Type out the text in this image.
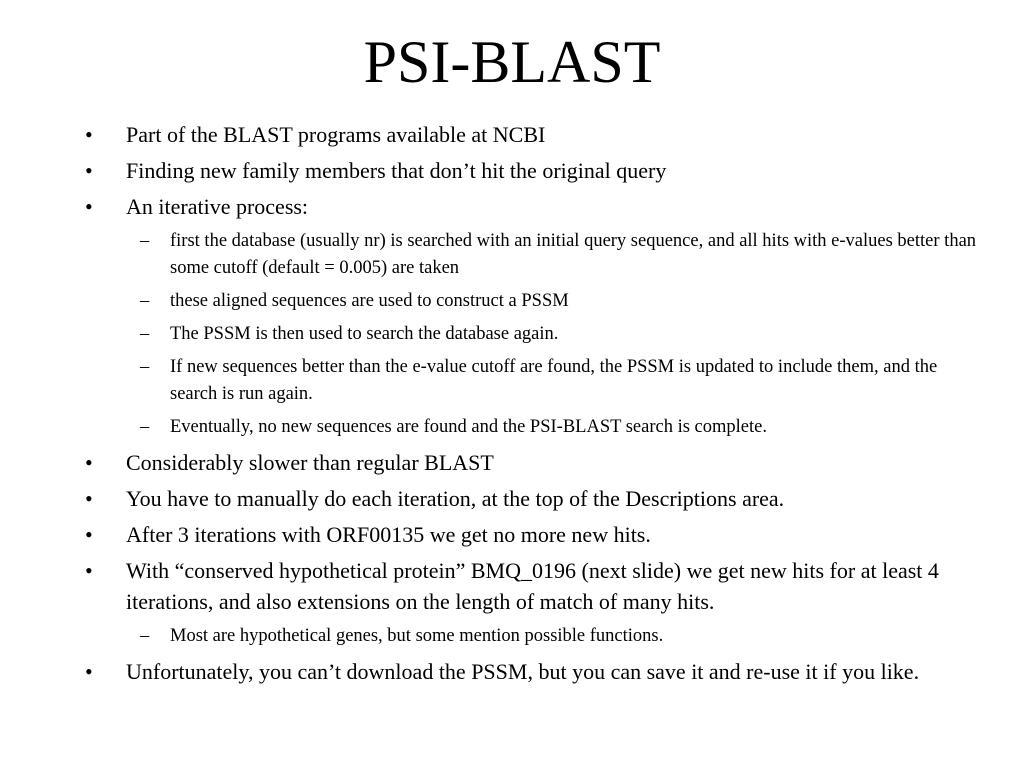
PSI-BLAST
• Part of the BLAST programs available at NCBI
• Finding new family members that don’t hit the original query
• An iterative process:
– first the database (usually nr) is searched with an initial query sequence, and all hits with e-values better than some cutoff (default = 0.005) are taken
– these aligned sequences are used to construct a PSSM
– The PSSM is then used to search the database again.
– If new sequences better than the e-value cutoff are found, the PSSM is updated to include them, and the search is run again.
– Eventually, no new sequences are found and the PSI-BLAST search is complete.
• Considerably slower than regular BLAST
• You have to manually do each iteration, at the top of the Descriptions area.
• After 3 iterations with ORF00135 we get no more new hits.
• With “conserved hypothetical protein” BMQ_0196 (next slide) we get new hits for at least 4 iterations, and also extensions on the length of match of many hits.
– Most are hypothetical genes, but some mention possible functions.
• Unfortunately, you can’t download the PSSM, but you can save it and re-use it if you like.
